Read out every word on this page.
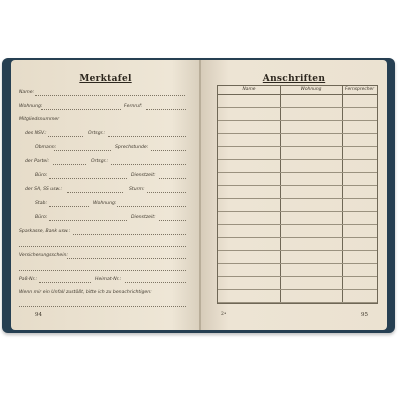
Merktafel
Name:
Wohnung:	Fernruf:
Mitgliedsnummer
des NSV.:	Ortsgr.:
Obmann:	Sprechstunde:
der Partei:	Ortsgr.:
Büro:	Dienstzeit:
der SA, SS usw.:	Sturm:
Stab:	Wohnung:
Büro:	Dienstzeit:
Sparkasse, Bank usw.:
Versicherungsschein:
Paß-Nr.:	Heimat-Nr.:
Wenn mir ein Unfall zustößt, bitte ich zu benachrichtigen:
94
Anschriften
Name	Wohnung	Fernsprecher
2•	95
